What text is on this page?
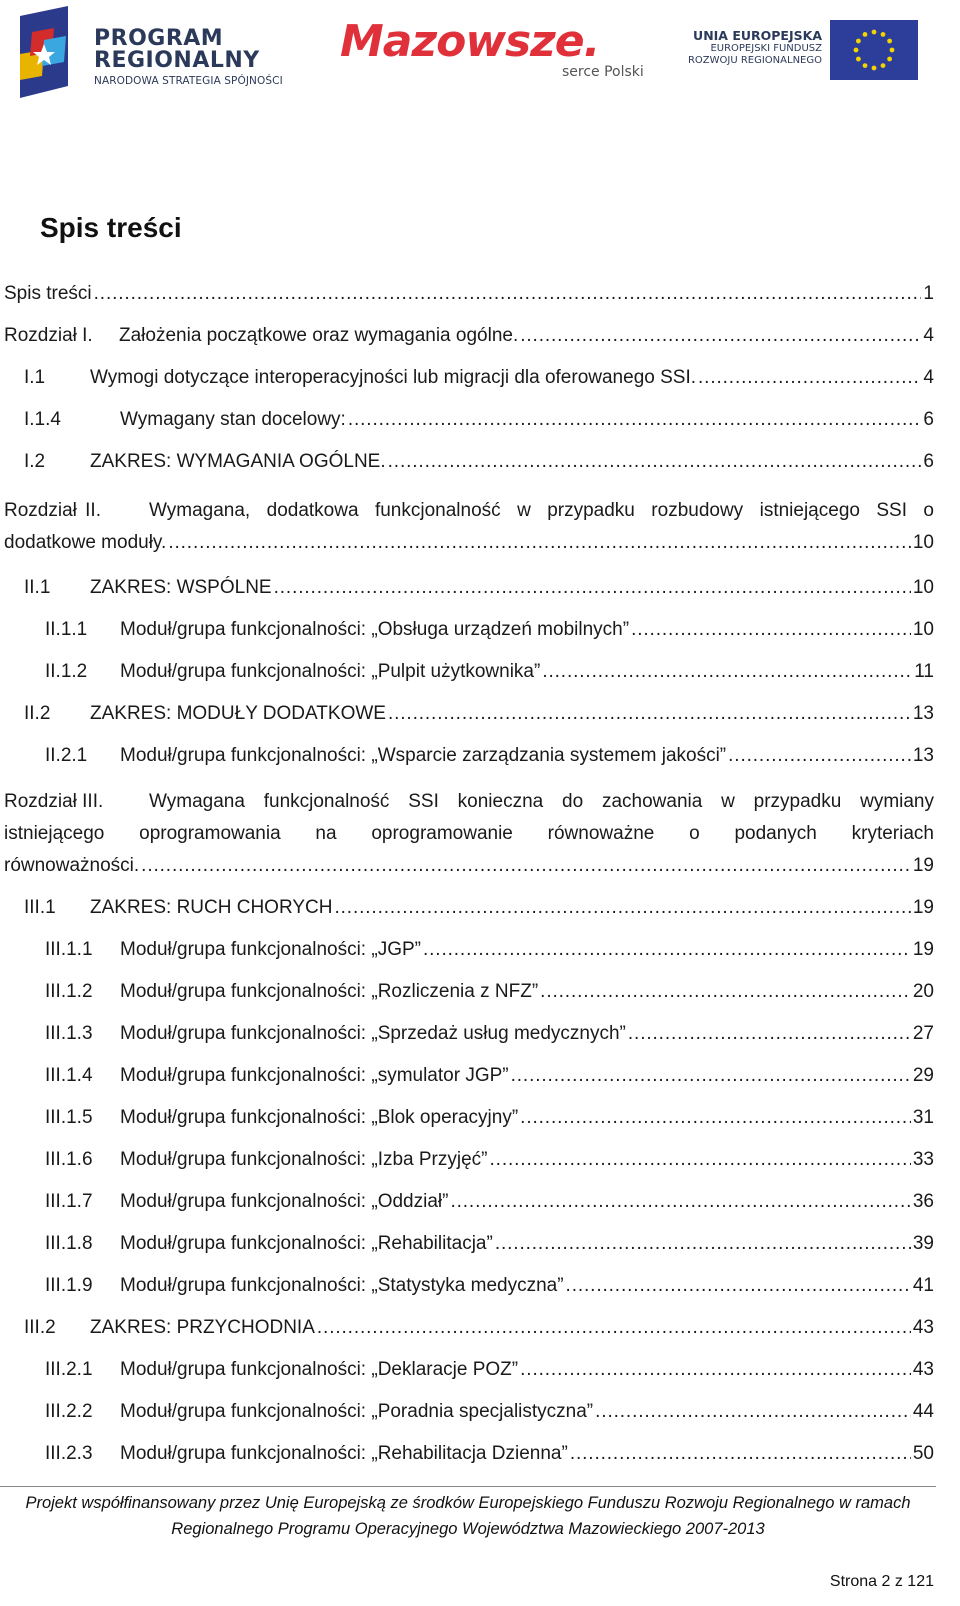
PROGRAM
REGIONALNY
NARODOWA STRATEGIA SPÓJNOŚCI
Mazowsze.
serce Polski
UNIA EUROPEJSKA
EUROPEJSKI FUNDUSZ
ROZWOJU REGIONALNEGO
Spis treści
Spis treści . . .	1
Rozdział I.	Założenia początkowe oraz wymagania ogólne. . . .	4
I.1	Wymogi dotyczące interoperacyjności lub migracji dla oferowanego SSI. . . .	4
I.1.4	Wymagany stan docelowy: . . .	6
I.2	ZAKRES: WYMAGANIA OGÓLNE. . . .	6
Rozdział II.	Wymagana, dodatkowa funkcjonalność w przypadku rozbudowy istniejącego SSI o
dodatkowe moduły. . . .	10
II.1	ZAKRES: WSPÓLNE . . .	10
II.1.1	Moduł/grupa funkcjonalności: „Obsługa urządzeń mobilnych” . . .	10
II.1.2	Moduł/grupa funkcjonalności: „Pulpit użytkownika” . . .	11
II.2	ZAKRES: MODUŁY DODATKOWE . . .	13
II.2.1	Moduł/grupa funkcjonalności: „Wsparcie zarządzania systemem jakości” . . .	13
Rozdział III.	Wymagana funkcjonalność SSI konieczna do zachowania w przypadku wymiany
istniejącego oprogramowania na oprogramowanie równoważne o podanych kryteriach
równoważności. . . .	19
III.1	ZAKRES: RUCH CHORYCH . . .	19
III.1.1	Moduł/grupa funkcjonalności: „JGP” . . .	19
III.1.2	Moduł/grupa funkcjonalności: „Rozliczenia z NFZ” . . .	20
III.1.3	Moduł/grupa funkcjonalności: „Sprzedaż usług medycznych” . . .	27
III.1.4	Moduł/grupa funkcjonalności: „symulator JGP” . . .	29
III.1.5	Moduł/grupa funkcjonalności: „Blok operacyjny” . . .	31
III.1.6	Moduł/grupa funkcjonalności: „Izba Przyjęć” . . .	33
III.1.7	Moduł/grupa funkcjonalności: „Oddział” . . .	36
III.1.8	Moduł/grupa funkcjonalności: „Rehabilitacja” . . .	39
III.1.9	Moduł/grupa funkcjonalności: „Statystyka medyczna” . . .	41
III.2	ZAKRES: PRZYCHODNIA . . .	43
III.2.1	Moduł/grupa funkcjonalności: „Deklaracje POZ” . . .	43
III.2.2	Moduł/grupa funkcjonalności: „Poradnia specjalistyczna” . . .	44
III.2.3	Moduł/grupa funkcjonalności: „Rehabilitacja Dzienna” . . .	50
Projekt współfinansowany przez Unię Europejską ze środków Europejskiego Funduszu Rozwoju Regionalnego w ramach
Regionalnego Programu Operacyjnego Województwa Mazowieckiego 2007-2013
Strona 2 z 121
